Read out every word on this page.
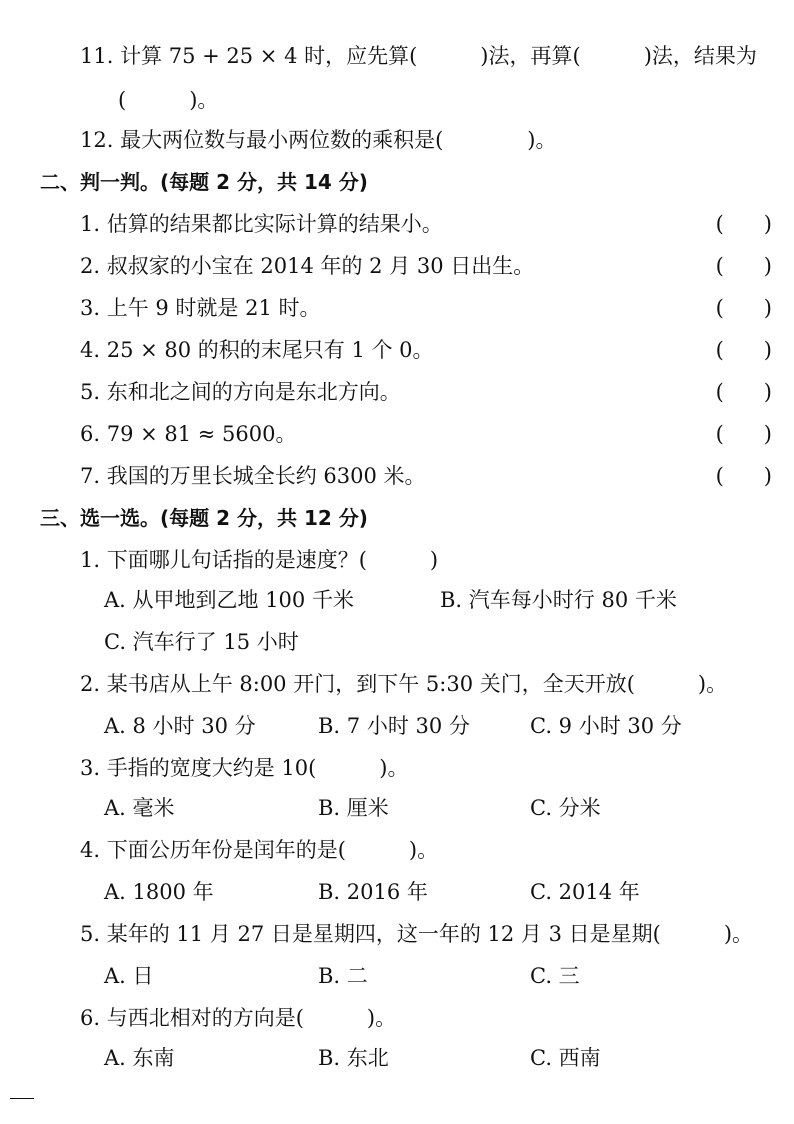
11. 计算 75 + 25 × 4 时，应先算(　　　)法，再算(　　　)法，结果为
(　　　)。
12. 最大两位数与最小两位数的乘积是(　　　　)。
二、判一判。(每题 2 分，共 14 分)
1. 估算的结果都比实际计算的结果小。	(      )
2. 叔叔家的小宝在 2014 年的 2 月 30 日出生。	(      )
3. 上午 9 时就是 21 时。	(      )
4. 25 × 80 的积的末尾只有 1 个 0。	(      )
5. 东和北之间的方向是东北方向。	(      )
6. 79 × 81 ≈ 5600。	(      )
7. 我国的万里长城全长约 6300 米。	(      )
三、选一选。(每题 2 分，共 12 分)
1. 下面哪儿句话指的是速度？(　　　)
A. 从甲地到乙地 100 千米	B. 汽车每小时行 80 千米
C. 汽车行了 15 小时
2. 某书店从上午 8:00 开门，到下午 5:30 关门，全天开放(　　　)。
A. 8 小时 30 分	B. 7 小时 30 分	C. 9 小时 30 分
3. 手指的宽度大约是 10(　　　)。
A. 毫米	B. 厘米	C. 分米
4. 下面公历年份是闰年的是(　　　)。
A. 1800 年	B. 2016 年	C. 2014 年
5. 某年的 11 月 27 日是星期四，这一年的 12 月 3 日是星期(　　　)。
A. 日	B. 二	C. 三
6. 与西北相对的方向是(　　　)。
A. 东南	B. 东北	C. 西南
